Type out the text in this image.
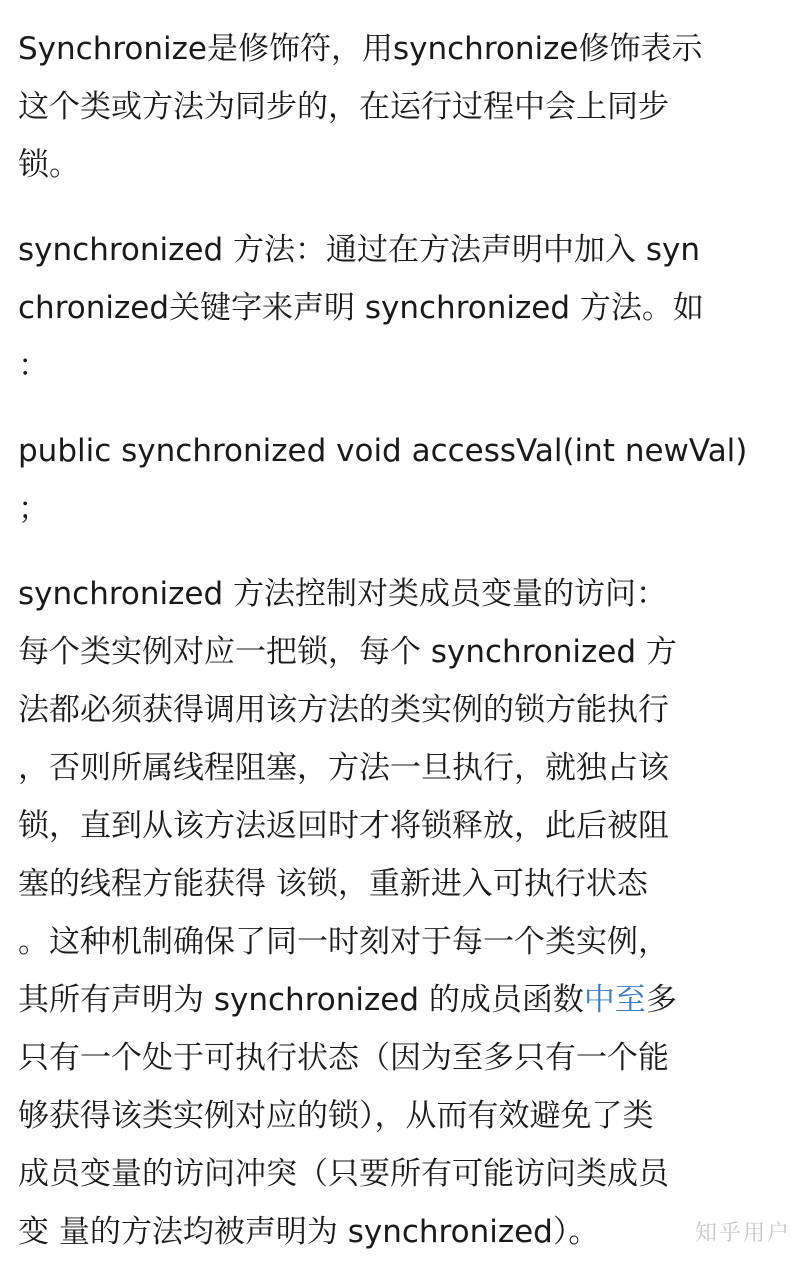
Synchronize是修饰符，用synchronize修饰表示
这个类或方法为同步的，在运行过程中会上同步
锁。
synchronized 方法：通过在方法声明中加入 syn
chronized关键字来声明 synchronized 方法。如
：
public synchronized void accessVal(int newVal)
；
synchronized 方法控制对类成员变量的访问：
每个类实例对应一把锁，每个 synchronized 方
法都必须获得调用该方法的类实例的锁方能执行
，否则所属线程阻塞，方法一旦执行，就独占该
锁，直到从该方法返回时才将锁释放，此后被阻
塞的线程方能获得 该锁，重新进入可执行状态
。这种机制确保了同一时刻对于每一个类实例，
其所有声明为 synchronized 的成员函数中至多
只有一个处于可执行状态（因为至多只有一个能
够获得该类实例对应的锁），从而有效避免了类
成员变量的访问冲突（只要所有可能访问类成员
变 量的方法均被声明为 synchronized）。	知乎用户
